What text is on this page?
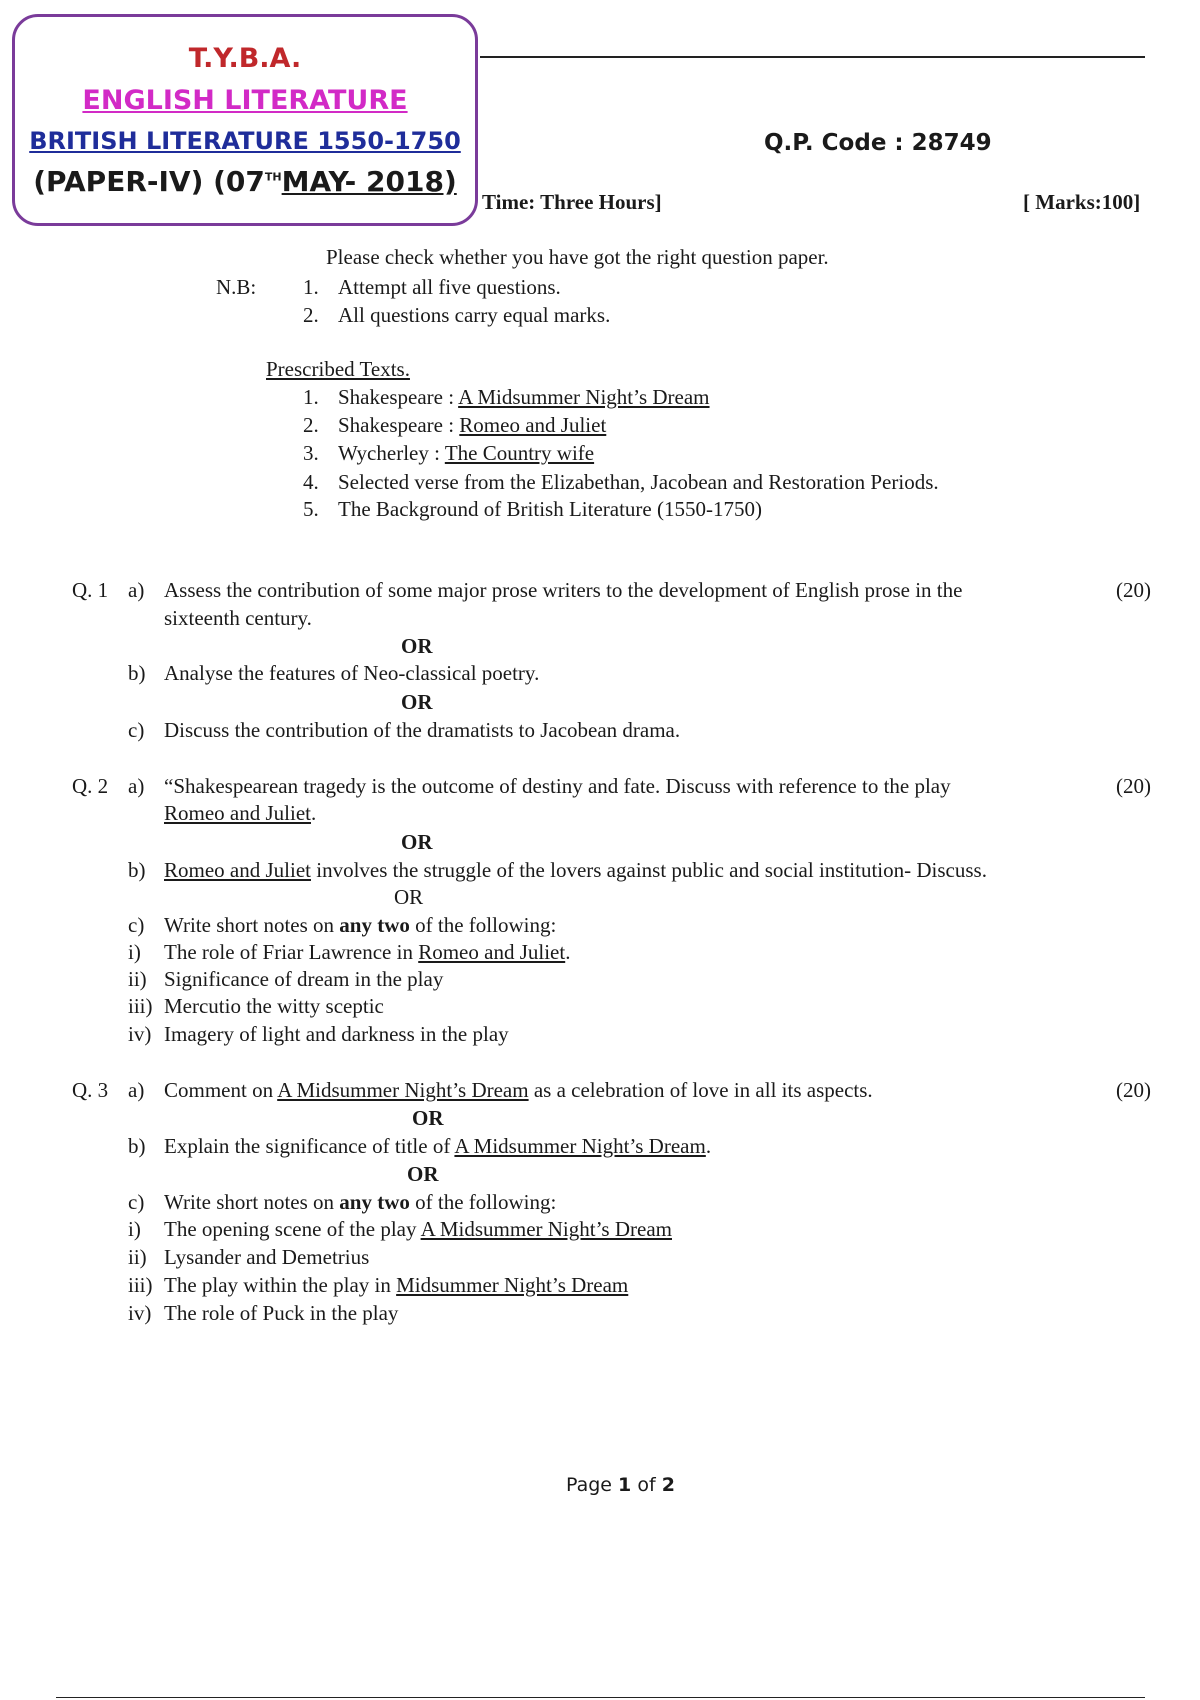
T.Y.B.A.
ENGLISH LITERATURE
BRITISH LITERATURE 1550-1750
(PAPER-IV) (07THMAY- 2018)
Q.P. Code : 28749
Time: Three Hours]	[ Marks:100]
Please check whether you have got the right question paper.
N.B: 1. Attempt all five questions.
2. All questions carry equal marks.
Prescribed Texts.
1. Shakespeare : A Midsummer Night’s Dream
2. Shakespeare : Romeo and Juliet
3. Wycherley : The Country wife
4. Selected verse from the Elizabethan, Jacobean and Restoration Periods.
5. The Background of British Literature (1550-1750)
Q. 1 a) Assess the contribution of some major prose writers to the development of English prose in the	(20)
sixteenth century.
OR
b) Analyse the features of Neo-classical poetry.
OR
c) Discuss the contribution of the dramatists to Jacobean drama.
Q. 2 a) “Shakespearean tragedy is the outcome of destiny and fate. Discuss with reference to the play	(20)
Romeo and Juliet.
OR
b) Romeo and Juliet involves the struggle of the lovers against public and social institution- Discuss.
OR
c) Write short notes on any two of the following:
i) The role of Friar Lawrence in Romeo and Juliet.
ii) Significance of dream in the play
iii) Mercutio the witty sceptic
iv) Imagery of light and darkness in the play
Q. 3 a) Comment on A Midsummer Night’s Dream as a celebration of love in all its aspects.	(20)
OR
b) Explain the significance of title of A Midsummer Night’s Dream.
OR
c) Write short notes on any two of the following:
i) The opening scene of the play A Midsummer Night’s Dream
ii) Lysander and Demetrius
iii) The play within the play in Midsummer Night’s Dream
iv) The role of Puck in the play
Page 1 of 2
